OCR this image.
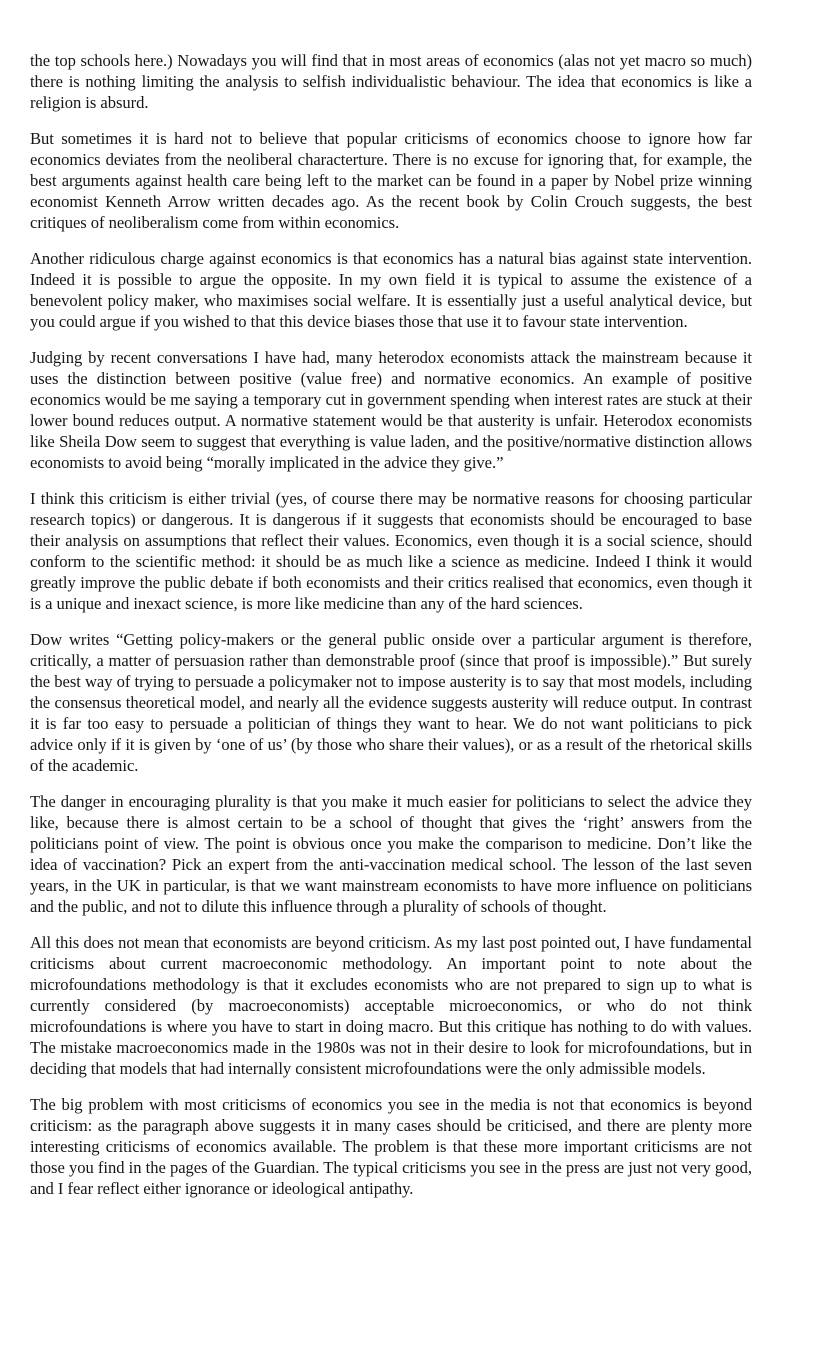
the top schools here.) Nowadays you will find that in most areas of economics (alas not yet macro so much) there is nothing limiting the analysis to selfish individualistic behaviour. The idea that economics is like a religion is absurd.

But sometimes it is hard not to believe that popular criticisms of economics choose to ignore how far economics deviates from the neoliberal characterture. There is no excuse for ignoring that, for example, the best arguments against health care being left to the market can be found in a paper by Nobel prize winning economist Kenneth Arrow written decades ago. As the recent book by Colin Crouch suggests, the best critiques of neoliberalism come from within economics.

Another ridiculous charge against economics is that economics has a natural bias against state intervention. Indeed it is possible to argue the opposite. In my own field it is typical to assume the existence of a benevolent policy maker, who maximises social welfare. It is essentially just a useful analytical device, but you could argue if you wished to that this device biases those that use it to favour state intervention.

Judging by recent conversations I have had, many heterodox economists attack the mainstream because it uses the distinction between positive (value free) and normative economics. An example of positive economics would be me saying a temporary cut in government spending when interest rates are stuck at their lower bound reduces output. A normative statement would be that austerity is unfair. Heterodox economists like Sheila Dow seem to suggest that everything is value laden, and the positive/normative distinction allows economists to avoid being “morally implicated in the advice they give.”

I think this criticism is either trivial (yes, of course there may be normative reasons for choosing particular research topics) or dangerous. It is dangerous if it suggests that economists should be encouraged to base their analysis on assumptions that reflect their values. Economics, even though it is a social science, should conform to the scientific method: it should be as much like a science as medicine. Indeed I think it would greatly improve the public debate if both economists and their critics realised that economics, even though it is a unique and inexact science, is more like medicine than any of the hard sciences.

Dow writes “Getting policy-makers or the general public onside over a particular argument is therefore, critically, a matter of persuasion rather than demonstrable proof (since that proof is impossible).” But surely the best way of trying to persuade a policymaker not to impose austerity is to say that most models, including the consensus theoretical model, and nearly all the evidence suggests austerity will reduce output. In contrast it is far too easy to persuade a politician of things they want to hear. We do not want politicians to pick advice only if it is given by ‘one of us’ (by those who share their values), or as a result of the rhetorical skills of the academic.

The danger in encouraging plurality is that you make it much easier for politicians to select the advice they like, because there is almost certain to be a school of thought that gives the ‘right’ answers from the politicians point of view. The point is obvious once you make the comparison to medicine. Don’t like the idea of vaccination? Pick an expert from the anti-vaccination medical school. The lesson of the last seven years, in the UK in particular, is that we want mainstream economists to have more influence on politicians and the public, and not to dilute this influence through a plurality of schools of thought.

All this does not mean that economists are beyond criticism. As my last post pointed out, I have fundamental criticisms about current macroeconomic methodology. An important point to note about the microfoundations methodology is that it excludes economists who are not prepared to sign up to what is currently considered (by macroeconomists) acceptable microeconomics, or who do not think microfoundations is where you have to start in doing macro. But this critique has nothing to do with values. The mistake macroeconomics made in the 1980s was not in their desire to look for microfoundations, but in deciding that models that had internally consistent microfoundations were the only admissible models.

The big problem with most criticisms of economics you see in the media is not that economics is beyond criticism: as the paragraph above suggests it in many cases should be criticised, and there are plenty more interesting criticisms of economics available. The problem is that these more important criticisms are not those you find in the pages of the Guardian. The typical criticisms you see in the press are just not very good, and I fear reflect either ignorance or ideological antipathy.
